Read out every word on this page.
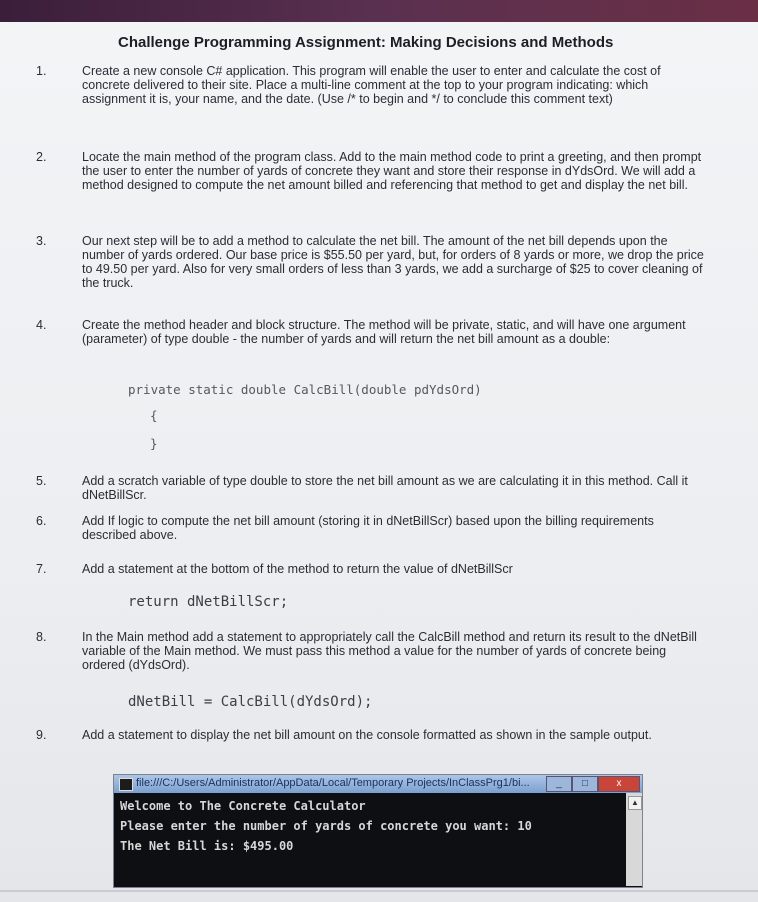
Challenge Programming Assignment: Making Decisions and Methods
1.	Create a new console C# application. This program will enable the user to enter and calculate the cost of concrete delivered to their site. Place a multi-line comment at the top to your program indicating: which assignment it is, your name, and the date. (Use /* to begin and */ to conclude this comment text)
2.	Locate the main method of the program class. Add to the main method code to print a greeting, and then prompt the user to enter the number of yards of concrete they want and store their response in dYdsOrd. We will add a method designed to compute the net amount billed and referencing that method to get and display the net bill.
3.	Our next step will be to add a method to calculate the net bill. The amount of the net bill depends upon the number of yards ordered. Our base price is $55.50 per yard, but, for orders of 8 yards or more, we drop the price to 49.50 per yard. Also for very small orders of less than 3 yards, we add a surcharge of $25 to cover cleaning of the truck.
4.	Create the method header and block structure. The method will be private, static, and will have one argument (parameter) of type double - the number of yards and will return the net bill amount as a double:
private static double CalcBill(double pdYdsOrd)
{
}
5.	Add a scratch variable of type double to store the net bill amount as we are calculating it in this method. Call it dNetBillScr.
6.	Add If logic to compute the net bill amount (storing it in dNetBillScr) based upon the billing requirements described above.
7.	Add a statement at the bottom of the method to return the value of dNetBillScr
return dNetBillScr;
8.	In the Main method add a statement to appropriately call the CalcBill method and return its result to the dNetBill variable of the Main method. We must pass this method a value for the number of yards of concrete being ordered (dYdsOrd).
dNetBill = CalcBill(dYdsOrd);
9.	Add a statement to display the net bill amount on the console formatted as shown in the sample output.
file:///C:/Users/Administrator/AppData/Local/Temporary Projects/InClassPrg1/bi...	_	□	x
Welcome to The Concrete Calculator
Please enter the number of yards of concrete you want: 10
The Net Bill is: $495.00
▲
